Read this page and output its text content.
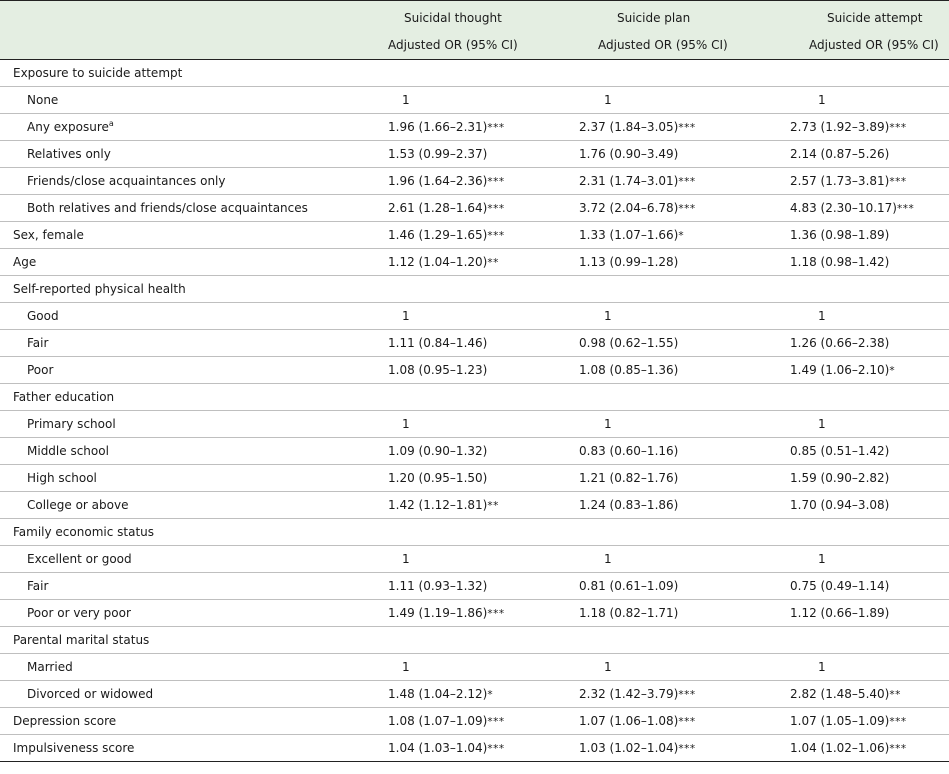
	Suicidal thought	Suicide plan	Suicide attempt
	Adjusted OR (95% CI)	Adjusted OR (95% CI)	Adjusted OR (95% CI)
Exposure to suicide attempt			
None	1	1	1
Any exposure$^a$	1.96 (1.66–2.31)***	2.37 (1.84–3.05)***	2.73 (1.92–3.89)***
Relatives only	1.53 (0.99–2.37)	1.76 (0.90–3.49)	2.14 (0.87–5.26)
Friends/close acquaintances only	1.96 (1.64–2.36)***	2.31 (1.74–3.01)***	2.57 (1.73–3.81)***
Both relatives and friends/close acquaintances	2.61 (1.28–1.64)***	3.72 (2.04–6.78)***	4.83 (2.30–10.17)***
Sex, female	1.46 (1.29–1.65)***	1.33 (1.07–1.66)*	1.36 (0.98–1.89)
Age	1.12 (1.04–1.20)**	1.13 (0.99–1.28)	1.18 (0.98–1.42)
Self-reported physical health			
Good	1	1	1
Fair	1.11 (0.84–1.46)	0.98 (0.62–1.55)	1.26 (0.66–2.38)
Poor	1.08 (0.95–1.23)	1.08 (0.85–1.36)	1.49 (1.06–2.10)*
Father education			
Primary school	1	1	1
Middle school	1.09 (0.90–1.32)	0.83 (0.60–1.16)	0.85 (0.51–1.42)
High school	1.20 (0.95–1.50)	1.21 (0.82–1.76)	1.59 (0.90–2.82)
College or above	1.42 (1.12–1.81)**	1.24 (0.83–1.86)	1.70 (0.94–3.08)
Family economic status			
Excellent or good	1	1	1
Fair	1.11 (0.93–1.32)	0.81 (0.61–1.09)	0.75 (0.49–1.14)
Poor or very poor	1.49 (1.19–1.86)***	1.18 (0.82–1.71)	1.12 (0.66–1.89)
Parental marital status			
Married	1	1	1
Divorced or widowed	1.48 (1.04–2.12)*	2.32 (1.42–3.79)***	2.82 (1.48–5.40)**
Depression score	1.08 (1.07–1.09)***	1.07 (1.06–1.08)***	1.07 (1.05–1.09)***
Impulsiveness score	1.04 (1.03–1.04)***	1.03 (1.02–1.04)***	1.04 (1.02–1.06)***
